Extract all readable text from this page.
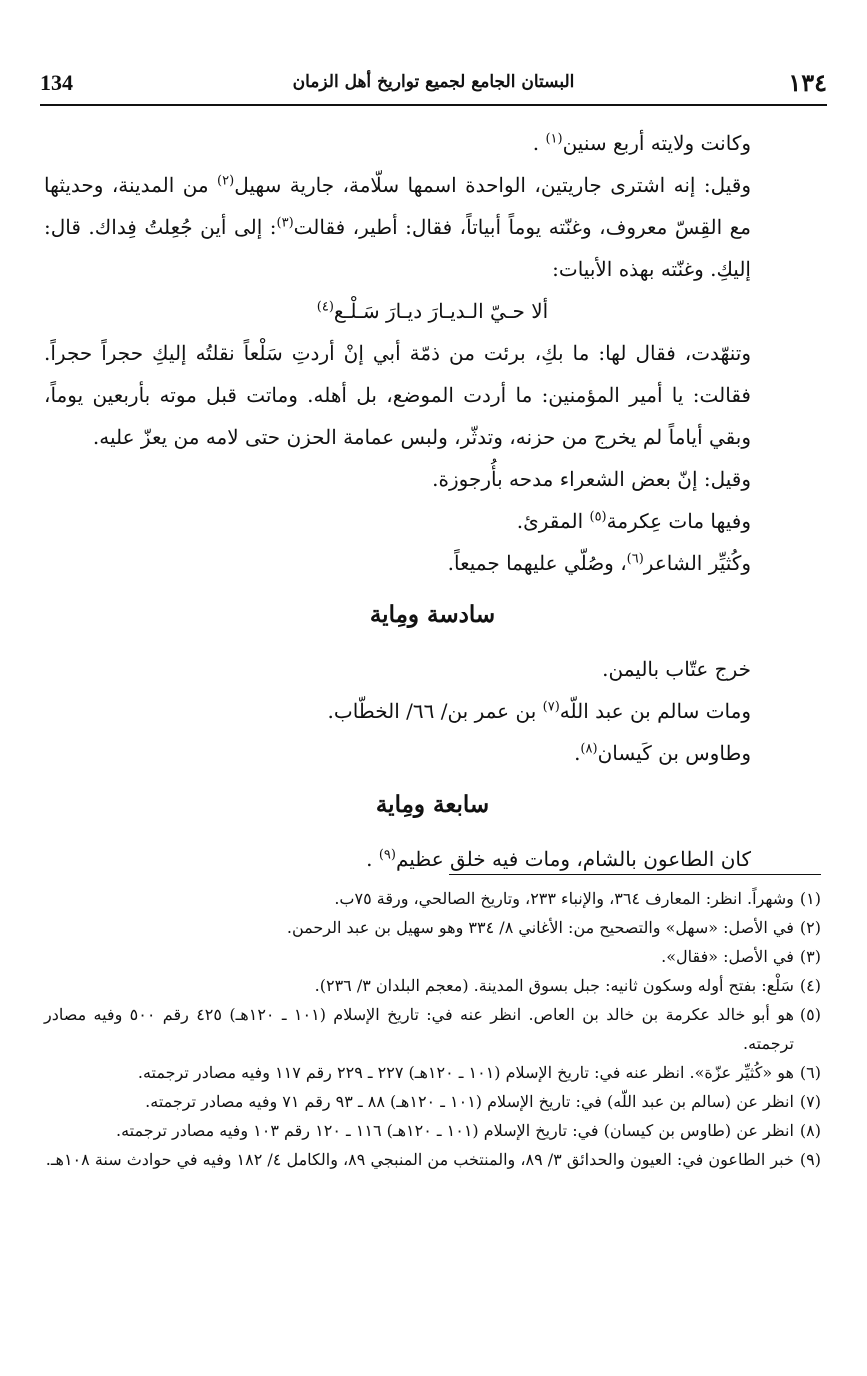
134	البستان الجامع لجميع تواريخ أهل الزمان	١٣٤

وكانت ولايته أربع سنين$^{(١)}$ .

وقيل: إنه اشترى جاريتين، الواحدة اسمها سلّامة، جارية سهيل$^{(٢)}$ من المدينة، وحديثها مع القِسّ معروف، وغنّته يوماً أبياتاً، فقال: أطير، فقالت$^{(٣)}$: إلى أين جُعِلتُ فِداك. قال: إليكِ. وغنّته بهذه الأبيات:

ألا حـيّ الـديـارَ ديـارَ سَـلْـع$^{(٤)}$

وتنهّدت، فقال لها: ما بكِ، برئت من ذمّة أبي إنْ أردتِ سَلْعاً نقلتُه إليكِ حجراً حجراً. فقالت: يا أمير المؤمنين: ما أردت الموضع، بل أهله. وماتت قبل موته بأربعين يوماً، وبقي أياماً لم يخرج من حزنه، وتدثّر، ولبس عمامة الحزن حتى لامه من يعزّ عليه.

وقيل: إنّ بعض الشعراء مدحه بأُرجوزة.

وفيها مات عِكرمة$^{(٥)}$ المقرئ.

وكُثيِّر الشاعر$^{(٦)}$، وصُلّي عليهما جميعاً.

سادسة ومِاية

خرج عتّاب باليمن.

ومات سالم بن عبد اللّه$^{(٧)}$ بن عمر بن/ ٦٦/ الخطّاب.

وطاوس بن كَيسان$^{(٨)}$.

سابعة ومِاية

كان الطاعون بالشام، ومات فيه خلق عظيم$^{(٩)}$ .

(١)
وشهراً. انظر: المعارف ٣٦٤، والإنباء ٢٣٣، وتاريخ الصالحي، ورقة ٧٥ب.

(٢)
في الأصل: «سهل» والتصحيح من: الأغاني ٨/ ٣٣٤ وهو سهيل بن عبد الرحمن.

(٣)
في الأصل: «فقال».

(٤)
سَلْع: بفتح أوله وسكون ثانيه: جبل بسوق المدينة. (معجم البلدان ٣/ ٢٣٦).

(٥)
هو أبو خالد عكرمة بن خالد بن العاص. انظر عنه في: تاريخ الإسلام (١٠١ ـ ١٢٠هـ) ٤٢٥ رقم ٥٠٠ وفيه مصادر ترجمته.

(٦)
هو «كُثيِّر عزّة». انظر عنه في: تاريخ الإسلام (١٠١ ـ ١٢٠هـ) ٢٢٧ ـ ٢٢٩ رقم ١١٧ وفيه مصادر ترجمته.

(٧)
انظر عن (سالم بن عبد اللّه) في: تاريخ الإسلام (١٠١ ـ ١٢٠هـ) ٨٨ ـ ٩٣ رقم ٧١ وفيه مصادر ترجمته.

(٨)
انظر عن (طاوس بن كيسان) في: تاريخ الإسلام (١٠١ ـ ١٢٠هـ) ١١٦ ـ ١٢٠ رقم ١٠٣ وفيه مصادر ترجمته.

(٩)
خبر الطاعون في: العيون والحدائق ٣/ ٨٩، والمنتخب من المنبجي ٨٩، والكامل ٤/ ١٨٢ وفيه في حوادث سنة ١٠٨هـ.
